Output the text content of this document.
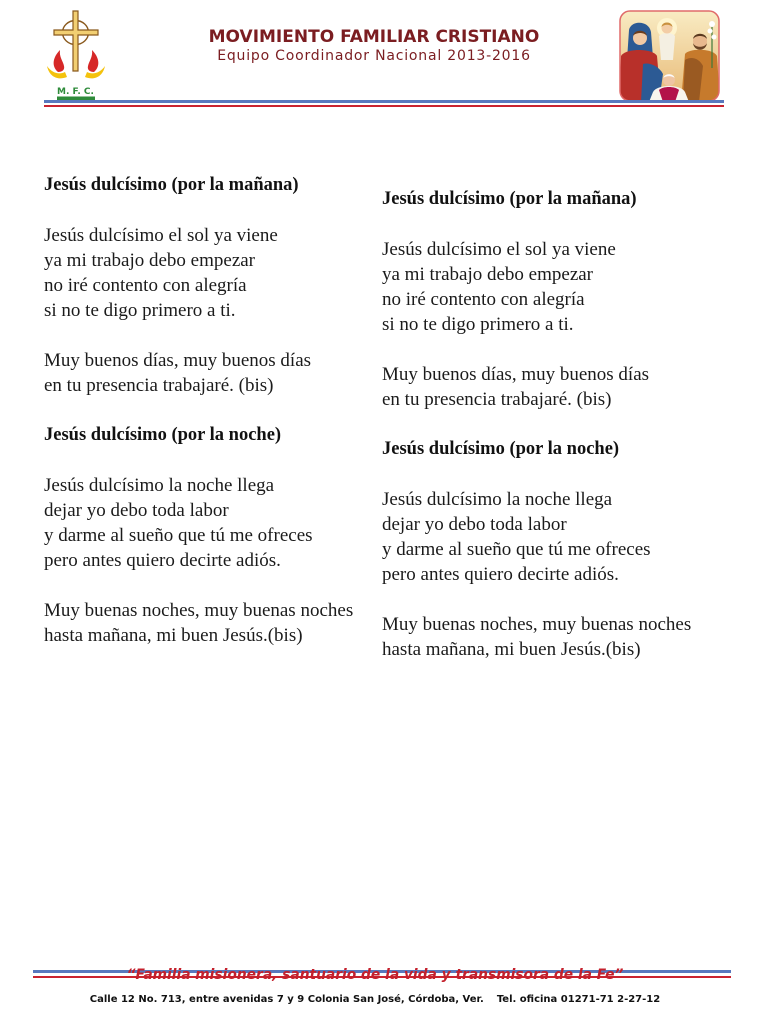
M. F. C.
MOVIMIENTO FAMILIAR CRISTIANO
Equipo Coordinador Nacional 2013-2016
Jesús dulcísimo (por la mañana)
Jesús dulcísimo el sol ya viene
ya mi trabajo debo empezar
no iré contento con alegría
si no te digo primero a ti.
Muy buenos días, muy buenos días
en tu presencia trabajaré. (bis)
Jesús dulcísimo (por la noche)
Jesús dulcísimo la noche llega
dejar yo debo toda labor
y darme al sueño que tú me ofreces
pero antes quiero decirte adiós.
Muy buenas noches, muy buenas noches
hasta mañana, mi buen Jesús.(bis)
Jesús dulcísimo (por la mañana)
Jesús dulcísimo el sol ya viene
ya mi trabajo debo empezar
no iré contento con alegría
si no te digo primero a ti.
Muy buenos días, muy buenos días
en tu presencia trabajaré. (bis)
Jesús dulcísimo (por la noche)
Jesús dulcísimo la noche llega
dejar yo debo toda labor
y darme al sueño que tú me ofreces
pero antes quiero decirte adiós.
Muy buenas noches, muy buenas noches
hasta mañana, mi buen Jesús.(bis)
“Familia misionera, santuario de la vida y transmisora de la Fe”
Calle 12 No. 713, entre avenidas 7 y 9 Colonia San José, Córdoba, Ver. Tel. oficina 01271-71 2-27-12
